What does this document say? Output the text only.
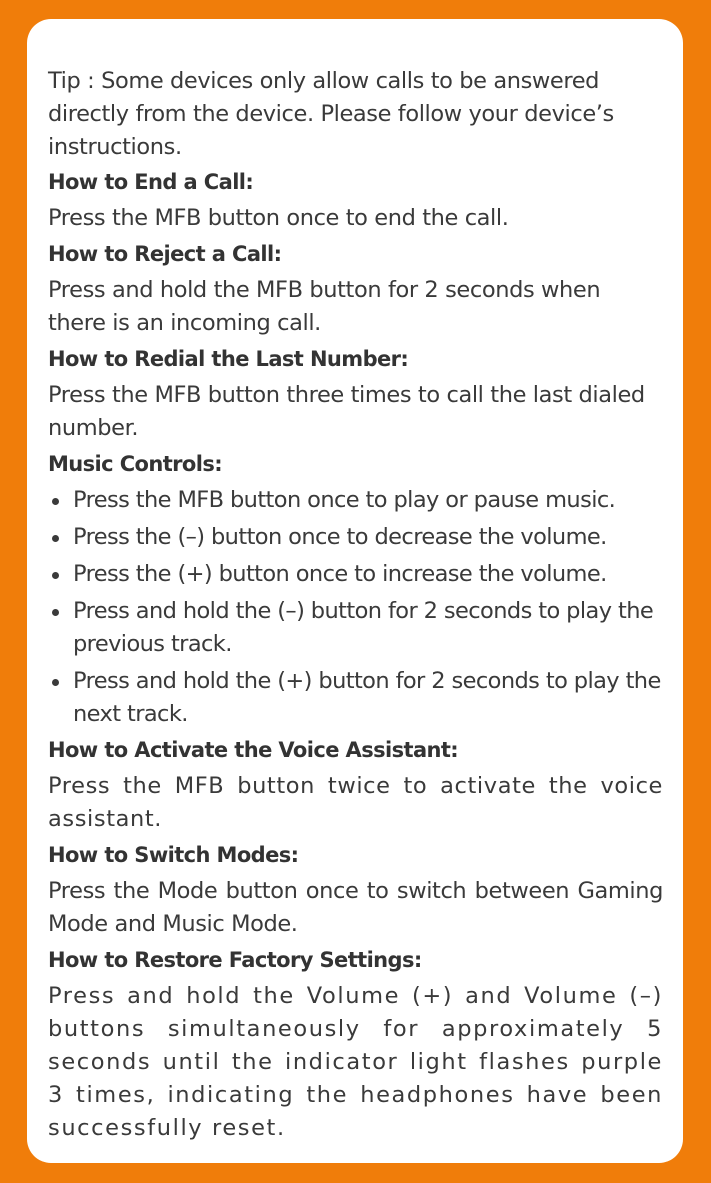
Tip : Some devices only allow calls to be answered directly from the device. Please follow your device’s instructions.

How to End a Call:

Press the MFB button once to end the call.

How to Reject a Call:

Press and hold the MFB button for 2 seconds when there is an incoming call.

How to Redial the Last Number:

Press the MFB button three times to call the last dialed number.

Music Controls:
Press the MFB button once to play or pause music.
Press the (–) button once to decrease the volume.
Press the (+) button once to increase the volume.
Press and hold the (–) button for 2 seconds to play the previous track.
Press and hold the (+) button for 2 seconds to play the next track.
How to Activate the Voice Assistant:

Press the MFB button twice to activate the voice assistant.

How to Switch Modes:

Press the Mode button once to switch between Gaming Mode and Music Mode.

How to Restore Factory Settings:

Press and hold the Volume (+) and Volume (–) buttons simultaneously for approximately 5 seconds until the indicator light flashes purple 3 times, indicating the headphones have been successfully reset.
